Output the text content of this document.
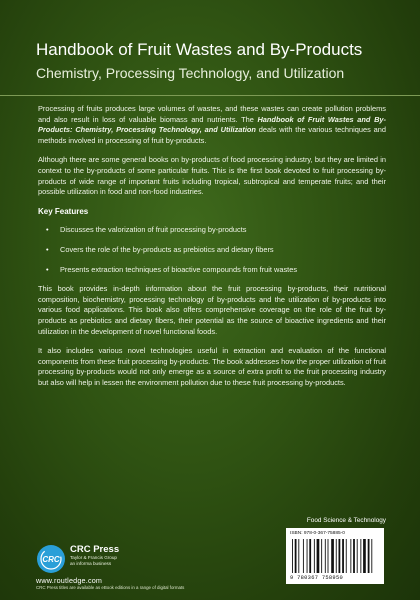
Handbook of Fruit Wastes and By-Products
Chemistry, Processing Technology, and Utilization

Processing of fruits produces large volumes of wastes, and these wastes can create pollution problems and also result in loss of valuable biomass and nutrients. The Handbook of Fruit Wastes and By-Products: Chemistry, Processing Technology, and Utilization deals with the various techniques and methods involved in processing of fruit by-products.

Although there are some general books on by-products of food processing industry, but they are limited in context to the by-products of some particular fruits. This is the first book devoted to fruit processing by-products of wide range of important fruits including tropical, subtropical and temperate fruits; and their possible utilization in food and non-food industries.

Key Features
• Discusses the valorization of fruit processing by-products
• Covers the role of the by-products as prebiotics and dietary fibers
• Presents extraction techniques of bioactive compounds from fruit wastes

This book provides in-depth information about the fruit processing by-products, their nutritional composition, biochemistry, processing technology of by-products and the utilization of by-products into various food applications. This book also offers comprehensive coverage on the role of the fruit by-products as prebiotics and dietary fibers, their potential as the source of bioactive ingredients and their utilization in the development of novel functional foods.

It also includes various novel technologies useful in extraction and evaluation of the functional components from these fruit processing by-products. The book addresses how the proper utilization of fruit processing by-products would not only emerge as a source of extra profit to the fruit processing industry but also will help in lessen the environment pollution due to these fruit processing by-products.

Food Science & Technology
CRC
CRC Press
Taylor & Francis Group
an informa business
www.routledge.com
CRC Press titles are available as eBook editions in a range of digital formats
ISBN: 978-0-367-75885-0
9 780367 758950
